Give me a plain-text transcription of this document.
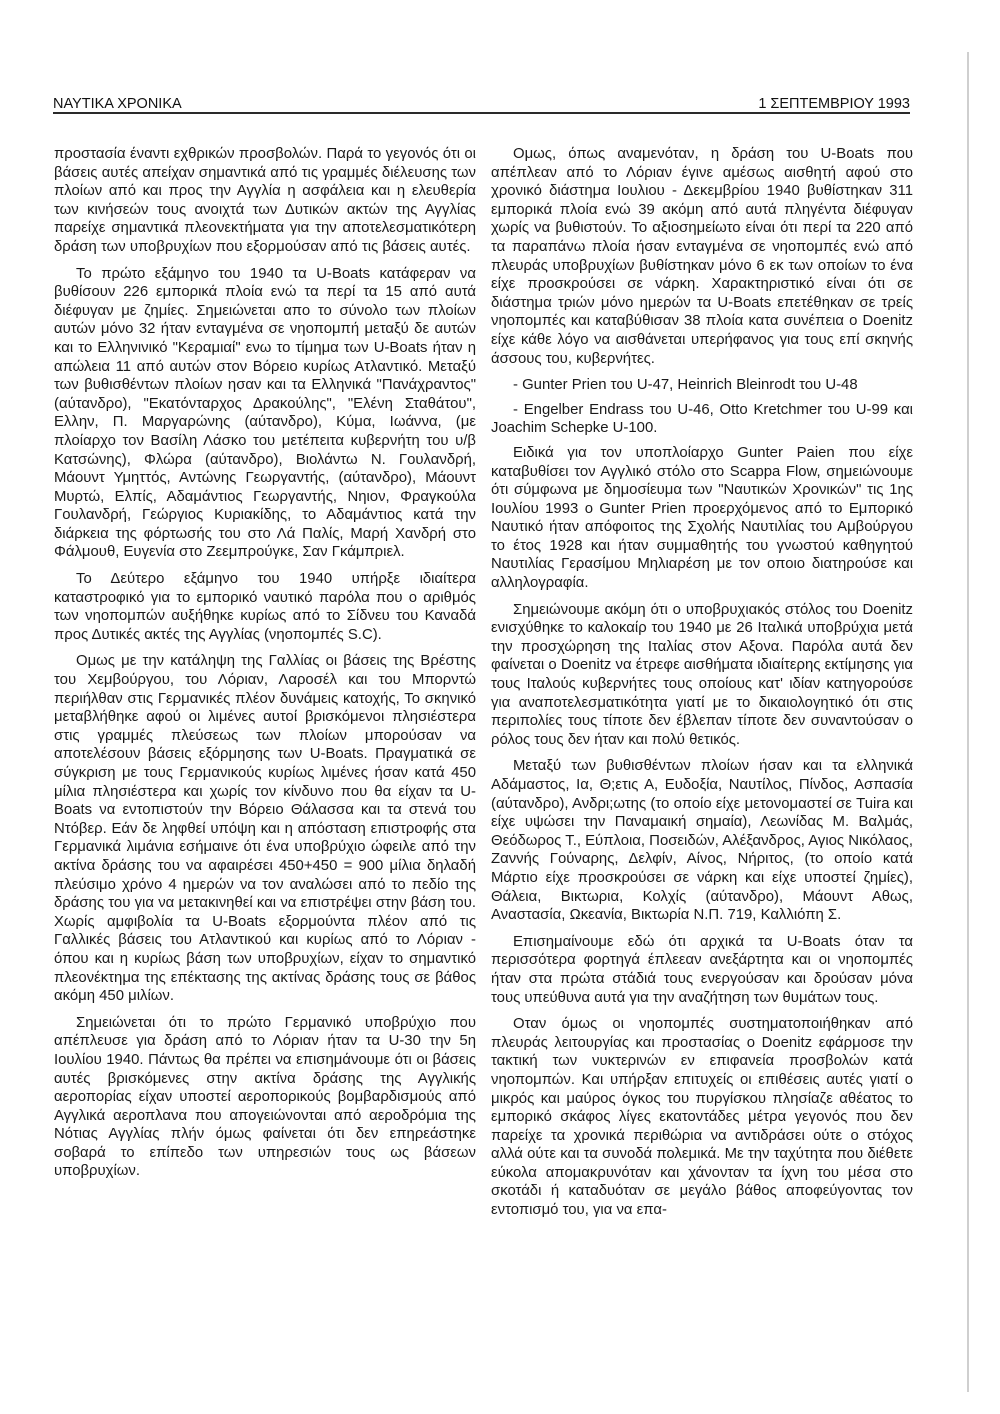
ΝΑΥΤΙΚΑ ΧΡΟΝΙΚΑ	1 ΣΕΠΤΕΜΒΡΙΟΥ 1993

προστασία έναντι εχθρικών προσβολών. Παρά το γεγονός ότι οι βάσεις αυτές απείχαν σημαντικά από τις γραμμές διέλευσης των πλοίων από και προς την Αγγλία η ασφάλεια και η ελευθερία των κινήσεών τους ανοιχτά των Δυτικών ακτών της Αγγλίας παρείχε σημαντικά πλεονεκτήματα για την αποτελεσματικότερη δράση των υποβρυχίων που εξορμούσαν από τις βάσεις αυτές.

Το πρώτο εξάμηνο του 1940 τα U-Boats κατάφεραν να βυθίσουν 226 εμπορικά πλοία ενώ τα περί τα 15 από αυτά διέφυγαν με ζημίες. Σημειώνεται απο το σύνολο των πλοίων αυτών μόνο 32 ήταν ενταγμένα σε νηοπομπή μεταξύ δε αυτών και το Ελληνινικό "Κεραμιαί" ενω το τίμημα των U-Boats ήταν η απώλεια 11 από αυτών στον Βόρειο κυρίως Ατλαντικό. Μεταξύ των βυθισθέντων πλοίων ησαν και τα Ελληνικά "Πανάχραντος" (αύτανδρο), "Εκατόνταρχος Δρακούλης", "Ελένη Σταθάτου", Ελλην, Π. Μαργαρώνης (αύτανδρο), Κύμα, Ιωάννα, (με πλοίαρχο τον Βασίλη Λάσκο του μετέπειτα κυβερνήτη του υ/β Κατσώνης), Φλώρα (αύτανδρο), Βιολάντω Ν. Γουλανδρή, Μάουντ Υμηττός, Αντώνης Γεωργαντής, (αύτανδρο), Μάουντ Μυρτώ, Ελπίς, Αδαμάντιος Γεωργαντής, Νηιον, Φραγκούλα Γουλανδρή, Γεώργιος Κυριακίδης, το Αδαμάντιος κατά την διάρκεια της φόρτωσής του στο Λά Παλίς, Μαρή Χανδρή στο Φάλμουθ, Ευγενία στο Ζεεμπρούγκε, Σαν Γκάμπριελ.

Το Δεύτερο εξάμηνο του 1940 υπήρξε ιδιαίτερα καταστροφικό για το εμπορικό ναυτικό παρόλα που ο αριθμός των νηοπομπών αυξήθηκε κυρίως από το Σίδνευ του Καναδά προς Δυτικές ακτές της Αγγλίας (νηοπομπές S.C).

Ομως με την κατάληψη της Γαλλίας οι βάσεις της Βρέστης του Χεμβούργου, του Λόριαν, Λαροσέλ και του Μπορντώ περιήλθαν στις Γερμανικές πλέον δυνάμεις κατοχής, Το σκηνικό μεταβλήθηκε αφού οι λιμένες αυτοί βρισκόμενοι πλησιέστερα στις γραμμές πλεύσεως των πλοίων μπορούσαν να αποτελέσουν βάσεις εξόρμησης των U-Boats. Πραγματικά σε σύγκριση με τους Γερμανικούς κυρίως λιμένες ήσαν κατά 450 μίλια πλησιέστερα και χωρίς τον κίνδυνο που θα είχαν τα U-Boats να εντοπιστούν την Βόρειο Θάλασσα και τα στενά του Ντόβερ. Εάν δε ληφθεί υπόψη και η απόσταση επιστροφής στα Γερμανικά λιμάνια εσήμαινε ότι ένα υποβρύχιο ώφειλε από την ακτίνα δράσης του να αφαιρέσει 450+450 = 900 μίλια δηλαδή πλεύσιμο χρόνο 4 ημερών να τον αναλώσει από το πεδίο της δράσης του για να μετακινηθεί και να επιστρέψει στην βάση του. Χωρίς αμφιβολία τα U-Boats εξορμούντα πλέον από τις Γαλλικές βάσεις του Ατλαντικού και κυρίως από το Λόριαν - όπου και η κυρίως βάση των υποβρυχίων, είχαν το σημαντικό πλεονέκτημα της επέκτασης της ακτίνας δράσης τους σε βάθος ακόμη 450 μιλίων.

Σημειώνεται ότι το πρώτο Γερμανικό υποβρύχιο που απέπλευσε για δράση από το Λόριαν ήταν τα U-30 την 5η Ιουλίου 1940. Πάντως θα πρέπει να επισημάνουμε ότι οι βάσεις αυτές βρισκόμενες στην ακτίνα δράσης της Αγγλικής αεροπορίας είχαν υποστεί αεροπορικούς βομβαρδισμούς από Αγγλικά αεροπλανα που απογειώνονται από αεροδρόμια της Νότιας Αγγλίας πλήν όμως φαίνεται ότι δεν επηρεάστηκε σοβαρά το επίπεδο των υπηρεσιών τους ως βάσεων υποβρυχίων.

Ομως, όπως αναμενόταν, η δράση του U-Boats που απέπλεαν από το Λόριαν έγινε αμέσως αισθητή αφού στο χρονικό διάστημα Ιουλιου - Δεκεμβρίου 1940 βυθίστηκαν 311 εμπορικά πλοία ενώ 39 ακόμη από αυτά πληγέντα διέφυγαν χωρίς να βυθιστούν. Το αξιοσημείωτο είναι ότι περί τα 220 από τα παραπάνω πλοία ήσαν ενταγμένα σε νηοπομπές ενώ από πλευράς υποβρυχίων βυθίστηκαν μόνο 6 εκ των οποίων το ένα είχε προσκρούσει σε νάρκη. Χαρακτηριστικό είναι ότι σε διάστημα τριών μόνο ημερών τα U-Boats επετέθηκαν σε τρείς νηοπομπές και καταβύθισαν 38 πλοία κατα συνέπεια ο Doenitz είχε κάθε λόγο να αισθάνεται υπερήφανος για τους επί σκηνής άσσους του, κυβερνήτες.

- Gunter Prien του U-47, Heinrich Bleinrodt του U-48

- Engelber Endrass του U-46, Otto Kretchmer του U-99 και Joachim Schepke U-100.

Ειδικά για τον υποπλοίαρχο Gunter Paien που είχε καταβυθίσει τον Αγγλικό στόλο στο Scappa Flow, σημειώνουμε ότι σύμφωνα με δημοσίευμα των "Ναυτικών Χρονικών" τις 1ης Ιουλίου 1993 ο Gunter Prien προερχόμενος από το Εμπορικό Ναυτικό ήταν απόφοιτος της Σχολής Ναυτιλίας του Αμβούργου το έτος 1928 και ήταν συμμαθητής του γνωστού καθηγητού Ναυτιλίας Γερασίμου Μηλιαρέση με τον οποιο διατηρούσε και αλληλογραφία.

Σημειώνουμε ακόμη ότι ο υποβρυχιακός στόλος του Doenitz ενισχύθηκε το καλοκαίρ του 1940 με 26 Ιταλικά υποβρύχια μετά την προσχώρηση της Ιταλίας στον Αξονα. Παρόλα αυτά δεν φαίνεται ο Doenitz να έτρεφε αισθήματα ιδιαίτερης εκτίμησης για τους Ιταλούς κυβερνήτες τους οποίους κατ' ιδίαν κατηγορούσε για αναποτελεσματικότητα γιατί με το δικαιολογητικό ότι στις περιπολίες τους τίποτε δεν έβλεπαν τίποτε δεν συναντούσαν ο ρόλος τους δεν ήταν και πολύ θετικός.

Μεταξύ των βυθισθέντων πλοίων ήσαν και τα ελληνικά Αδάμαστος, Ια, Θ;ετις Α, Ευδοξία, Ναυτίλος, Πίνδος, Ασπασία (αύτανδρο), Ανδρι;ωτης (το οποίο είχε μετονομαστεί σε Tuira και είχε υψώσει την Παναμαική σημαία), Λεωνίδας Μ. Βαλμάς, Θεόδωρος Τ., Εύπλοια, Ποσειδών, Αλέξανδρος, Αγιος Νικόλαος, Ζαννής Γούναρης, Δελφίν, Αίνος, Νήριτος, (το οποίο κατά Μάρτιο είχε προσκρούσει σε νάρκη και είχε υποστεί ζημίες), Θάλεια, Βικτωρια, Κολχίς (αύτανδρο), Μάουντ Αθως, Αναστασία, Ωκεανία, Βικτωρία Ν.Π. 719, Καλλιόπη Σ.

Επισημαίνουμε εδώ ότι αρχικά τα U-Boats όταν τα περισσότερα φορτηγά έπλεεαν ανεξάρτητα και οι νηοπομπές ήταν στα πρώτα στάδιά τους ενεργούσαν και δρούσαν μόνα τους υπεύθυνα αυτά για την αναζήτηση των θυμάτων τους.

Οταν όμως οι νηοπομπές συστηματοποιήθηκαν από πλευράς λειτουργίας και προστασίας ο Doenitz εφάρμοσε την τακτική των νυκτερινών εν επιφανεία προσβολών κατά νηοπομπών. Και υπήρξαν επιτυχείς οι επιθέσεις αυτές γιατί ο μικρός και μαύρος όγκος του πυργίσκου πλησίαζε αθέατος το εμπορικό σκάφος λίγες εκατοντάδες μέτρα γεγονός που δεν παρείχε τα χρονικά περιθώρια να αντιδράσει ούτε ο στόχος αλλά ούτε και τα συνοδά πολεμικά. Με την ταχύτητα που διέθετε εύκολα απομακρυνόταν και χάνονταν τα ίχνη του μέσα στο σκοτάδι ή καταδυόταν σε μεγάλο βάθος αποφεύγοντας τον εντοπισμό του, για να επα-
